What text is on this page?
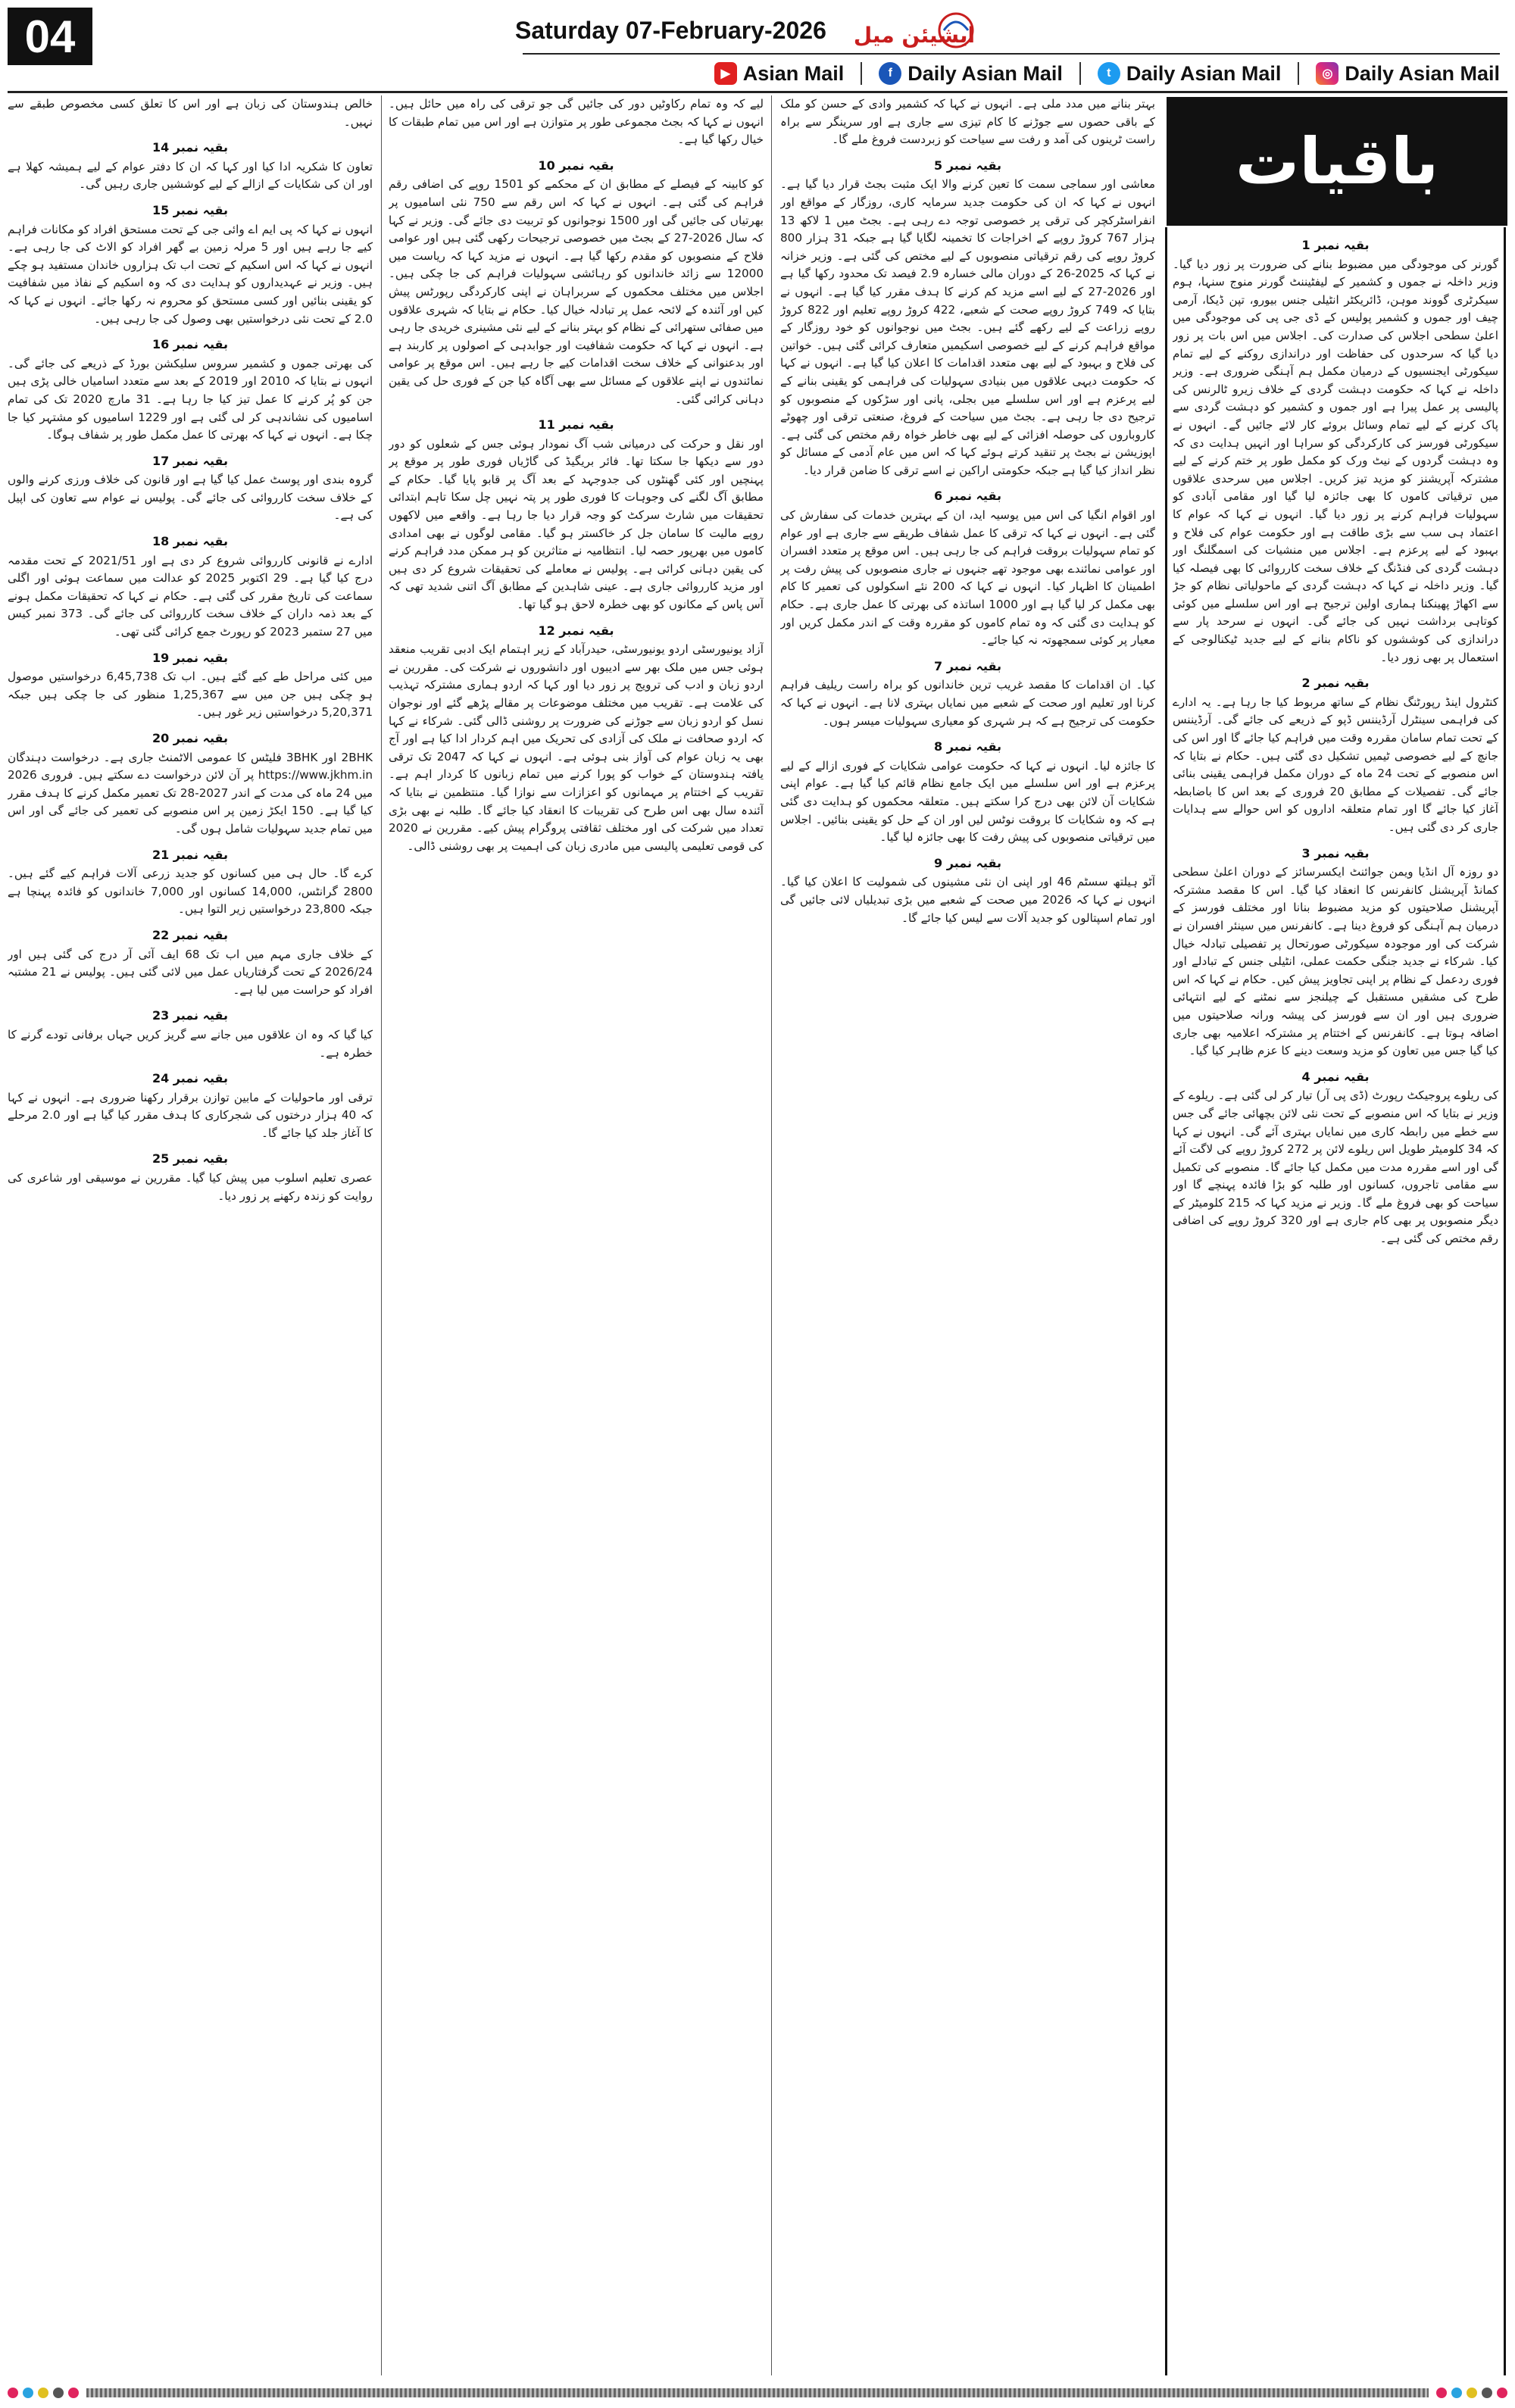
04	Saturday 07-February-2026	ایشیئن میل
▶ Asian Mail	f Daily Asian Mail	t Daily Asian Mail	◎ Daily Asian Mail
باقیات
بقیہ نمبر 1

گورنر کی موجودگی میں مضبوط بنانے کی ضرورت پر زور دیا گیا۔ وزیر داخلہ نے جموں و کشمیر کے لیفٹیننٹ گورنر منوج سنہا، ہوم سیکرٹری گووند موہن، ڈائریکٹر انٹیلی جنس بیورو، تپن ڈیکا، آرمی چیف اور جموں و کشمیر پولیس کے ڈی جی پی کی موجودگی میں اعلیٰ سطحی اجلاس کی صدارت کی۔ اجلاس میں اس بات پر زور دیا گیا کہ سرحدوں کی حفاظت اور دراندازی روکنے کے لیے تمام سیکورٹی ایجنسیوں کے درمیان مکمل ہم آہنگی ضروری ہے۔ وزیر داخلہ نے کہا کہ حکومت دہشت گردی کے خلاف زیرو ٹالرنس کی پالیسی پر عمل پیرا ہے اور جموں و کشمیر کو دہشت گردی سے پاک کرنے کے لیے تمام وسائل بروئے کار لائے جائیں گے۔ انہوں نے سیکورٹی فورسز کی کارکردگی کو سراہا اور انہیں ہدایت دی کہ وہ دہشت گردوں کے نیٹ ورک کو مکمل طور پر ختم کرنے کے لیے مشترکہ آپریشنز کو مزید تیز کریں۔ اجلاس میں سرحدی علاقوں میں ترقیاتی کاموں کا بھی جائزہ لیا گیا اور مقامی آبادی کو سہولیات فراہم کرنے پر زور دیا گیا۔ انہوں نے کہا کہ عوام کا اعتماد ہی سب سے بڑی طاقت ہے اور حکومت عوام کی فلاح و بہبود کے لیے پرعزم ہے۔ اجلاس میں منشیات کی اسمگلنگ اور دہشت گردی کی فنڈنگ کے خلاف سخت کارروائی کا بھی فیصلہ کیا گیا۔ وزیر داخلہ نے کہا کہ دہشت گردی کے ماحولیاتی نظام کو جڑ سے اکھاڑ پھینکنا ہماری اولین ترجیح ہے اور اس سلسلے میں کوئی کوتاہی برداشت نہیں کی جائے گی۔ انہوں نے سرحد پار سے دراندازی کی کوششوں کو ناکام بنانے کے لیے جدید ٹیکنالوجی کے استعمال پر بھی زور دیا۔

بقیہ نمبر 2

کنٹرول اینڈ رپورٹنگ نظام کے ساتھ مربوط کیا جا رہا ہے۔ یہ ادارے کی فراہمی سینٹرل آرڈیننس ڈپو کے ذریعے کی جائے گی۔ آرڈیننس کے تحت تمام سامان مقررہ وقت میں فراہم کیا جائے گا اور اس کی جانچ کے لیے خصوصی ٹیمیں تشکیل دی گئی ہیں۔ حکام نے بتایا کہ اس منصوبے کے تحت 24 ماہ کے دوران مکمل فراہمی یقینی بنائی جائے گی۔ تفصیلات کے مطابق 20 فروری کے بعد اس کا باضابطہ آغاز کیا جائے گا اور تمام متعلقہ اداروں کو اس حوالے سے ہدایات جاری کر دی گئی ہیں۔

بقیہ نمبر 3

دو روزہ آل انڈیا ویمن جوائنٹ ایکسرسائز کے دوران اعلیٰ سطحی کمانڈ آپریشنل کانفرنس کا انعقاد کیا گیا۔ اس کا مقصد مشترکہ آپریشنل صلاحیتوں کو مزید مضبوط بنانا اور مختلف فورسز کے درمیان ہم آہنگی کو فروغ دینا ہے۔ کانفرنس میں سینئر افسران نے شرکت کی اور موجودہ سیکورٹی صورتحال پر تفصیلی تبادلہ خیال کیا۔ شرکاء نے جدید جنگی حکمت عملی، انٹیلی جنس کے تبادلے اور فوری ردعمل کے نظام پر اپنی تجاویز پیش کیں۔ حکام نے کہا کہ اس طرح کی مشقیں مستقبل کے چیلنجز سے نمٹنے کے لیے انتہائی ضروری ہیں اور ان سے فورسز کی پیشہ ورانہ صلاحیتوں میں اضافہ ہوتا ہے۔ کانفرنس کے اختتام پر مشترکہ اعلامیہ بھی جاری کیا گیا جس میں تعاون کو مزید وسعت دینے کا عزم ظاہر کیا گیا۔

بقیہ نمبر 4

کی ریلوے پروجیکٹ رپورٹ (ڈی پی آر) تیار کر لی گئی ہے۔ ریلوے کے وزیر نے بتایا کہ اس منصوبے کے تحت نئی لائن بچھائی جائے گی جس سے خطے میں رابطہ کاری میں نمایاں بہتری آئے گی۔ انہوں نے کہا کہ 34 کلومیٹر طویل اس ریلوے لائن پر 272 کروڑ روپے کی لاگت آئے گی اور اسے مقررہ مدت میں مکمل کیا جائے گا۔ منصوبے کی تکمیل سے مقامی تاجروں، کسانوں اور طلبہ کو بڑا فائدہ پہنچے گا اور سیاحت کو بھی فروغ ملے گا۔ وزیر نے مزید کہا کہ 215 کلومیٹر کے دیگر منصوبوں پر بھی کام جاری ہے اور 320 کروڑ روپے کی اضافی رقم مختص کی گئی ہے۔

بہتر بنانے میں مدد ملی ہے۔ انہوں نے کہا کہ کشمیر وادی کے حسن کو ملک کے باقی حصوں سے جوڑنے کا کام تیزی سے جاری ہے اور سرینگر سے براہ راست ٹرینوں کی آمد و رفت سے سیاحت کو زبردست فروغ ملے گا۔

بقیہ نمبر 5

معاشی اور سماجی سمت کا تعین کرنے والا ایک مثبت بجٹ قرار دیا گیا ہے۔ انہوں نے کہا کہ ان کی حکومت جدید سرمایہ کاری، روزگار کے مواقع اور انفراسٹرکچر کی ترقی پر خصوصی توجہ دے رہی ہے۔ بجٹ میں 1 لاکھ 13 ہزار 767 کروڑ روپے کے اخراجات کا تخمینہ لگایا گیا ہے جبکہ 31 ہزار 800 کروڑ روپے کی رقم ترقیاتی منصوبوں کے لیے مختص کی گئی ہے۔ وزیر خزانہ نے کہا کہ 2025-26 کے دوران مالی خسارہ 2.9 فیصد تک محدود رکھا گیا ہے اور 2026-27 کے لیے اسے مزید کم کرنے کا ہدف مقرر کیا گیا ہے۔ انہوں نے بتایا کہ 749 کروڑ روپے صحت کے شعبے، 422 کروڑ روپے تعلیم اور 822 کروڑ روپے زراعت کے لیے رکھے گئے ہیں۔ بجٹ میں نوجوانوں کو خود روزگار کے مواقع فراہم کرنے کے لیے خصوصی اسکیمیں متعارف کرائی گئی ہیں۔ خواتین کی فلاح و بہبود کے لیے بھی متعدد اقدامات کا اعلان کیا گیا ہے۔ انہوں نے کہا کہ حکومت دیہی علاقوں میں بنیادی سہولیات کی فراہمی کو یقینی بنانے کے لیے پرعزم ہے اور اس سلسلے میں بجلی، پانی اور سڑکوں کے منصوبوں کو ترجیح دی جا رہی ہے۔ بجٹ میں سیاحت کے فروغ، صنعتی ترقی اور چھوٹے کاروباروں کی حوصلہ افزائی کے لیے بھی خاطر خواہ رقم مختص کی گئی ہے۔ اپوزیشن نے بجٹ پر تنقید کرتے ہوئے کہا کہ اس میں عام آدمی کے مسائل کو نظر انداز کیا گیا ہے جبکہ حکومتی اراکین نے اسے ترقی کا ضامن قرار دیا۔

بقیہ نمبر 6

اور اقوام انگیا کی اس میں یوسیہ اید، ان کے بہترین خدمات کی سفارش کی گئی ہے۔ انہوں نے کہا کہ ترقی کا عمل شفاف طریقے سے جاری ہے اور عوام کو تمام سہولیات بروقت فراہم کی جا رہی ہیں۔ اس موقع پر متعدد افسران اور عوامی نمائندے بھی موجود تھے جنہوں نے جاری منصوبوں کی پیش رفت پر اطمینان کا اظہار کیا۔ انہوں نے کہا کہ 200 نئے اسکولوں کی تعمیر کا کام بھی مکمل کر لیا گیا ہے اور 1000 اساتذہ کی بھرتی کا عمل جاری ہے۔ حکام کو ہدایت دی گئی کہ وہ تمام کاموں کو مقررہ وقت کے اندر مکمل کریں اور معیار پر کوئی سمجھوتہ نہ کیا جائے۔

بقیہ نمبر 7

کیا۔ ان اقدامات کا مقصد غریب ترین خاندانوں کو براہ راست ریلیف فراہم کرنا اور تعلیم اور صحت کے شعبے میں نمایاں بہتری لانا ہے۔ انہوں نے کہا کہ حکومت کی ترجیح ہے کہ ہر شہری کو معیاری سہولیات میسر ہوں۔

بقیہ نمبر 8

کا جائزہ لیا۔ انہوں نے کہا کہ حکومت عوامی شکایات کے فوری ازالے کے لیے پرعزم ہے اور اس سلسلے میں ایک جامع نظام قائم کیا گیا ہے۔ عوام اپنی شکایات آن لائن بھی درج کرا سکتے ہیں۔ متعلقہ محکموں کو ہدایت دی گئی ہے کہ وہ شکایات کا بروقت نوٹس لیں اور ان کے حل کو یقینی بنائیں۔ اجلاس میں ترقیاتی منصوبوں کی پیش رفت کا بھی جائزہ لیا گیا۔

بقیہ نمبر 9

آٹو ہیلتھ سسٹم 46 اور اپنی ان نئی مشینوں کی شمولیت کا اعلان کیا گیا۔ انہوں نے کہا کہ 2026 میں صحت کے شعبے میں بڑی تبدیلیاں لائی جائیں گی اور تمام اسپتالوں کو جدید آلات سے لیس کیا جائے گا۔

لیے کہ وہ تمام رکاوٹیں دور کی جائیں گی جو ترقی کی راہ میں حائل ہیں۔ انہوں نے کہا کہ بجٹ مجموعی طور پر متوازن ہے اور اس میں تمام طبقات کا خیال رکھا گیا ہے۔

بقیہ نمبر 10

کو کابینہ کے فیصلے کے مطابق ان کے محکمے کو 1501 روپے کی اضافی رقم فراہم کی گئی ہے۔ انہوں نے کہا کہ اس رقم سے 750 نئی اسامیوں پر بھرتیاں کی جائیں گی اور 1500 نوجوانوں کو تربیت دی جائے گی۔ وزیر نے کہا کہ سال 2026-27 کے بجٹ میں خصوصی ترجیحات رکھی گئی ہیں اور عوامی فلاح کے منصوبوں کو مقدم رکھا گیا ہے۔ انہوں نے مزید کہا کہ ریاست میں 12000 سے زائد خاندانوں کو رہائشی سہولیات فراہم کی جا چکی ہیں۔ اجلاس میں مختلف محکموں کے سربراہان نے اپنی کارکردگی رپورٹس پیش کیں اور آئندہ کے لائحہ عمل پر تبادلہ خیال کیا۔ حکام نے بتایا کہ شہری علاقوں میں صفائی ستھرائی کے نظام کو بہتر بنانے کے لیے نئی مشینری خریدی جا رہی ہے۔ انہوں نے کہا کہ حکومت شفافیت اور جوابدہی کے اصولوں پر کاربند ہے اور بدعنوانی کے خلاف سخت اقدامات کیے جا رہے ہیں۔ اس موقع پر عوامی نمائندوں نے اپنے علاقوں کے مسائل سے بھی آگاہ کیا جن کے فوری حل کی یقین دہانی کرائی گئی۔

بقیہ نمبر 11

اور نقل و حرکت کی درمیانی شب آگ نمودار ہوئی جس کے شعلوں کو دور دور سے دیکھا جا سکتا تھا۔ فائر بریگیڈ کی گاڑیاں فوری طور پر موقع پر پہنچیں اور کئی گھنٹوں کی جدوجہد کے بعد آگ پر قابو پایا گیا۔ حکام کے مطابق آگ لگنے کی وجوہات کا فوری طور پر پتہ نہیں چل سکا تاہم ابتدائی تحقیقات میں شارٹ سرکٹ کو وجہ قرار دیا جا رہا ہے۔ واقعے میں لاکھوں روپے مالیت کا سامان جل کر خاکستر ہو گیا۔ مقامی لوگوں نے بھی امدادی کاموں میں بھرپور حصہ لیا۔ انتظامیہ نے متاثرین کو ہر ممکن مدد فراہم کرنے کی یقین دہانی کرائی ہے۔ پولیس نے معاملے کی تحقیقات شروع کر دی ہیں اور مزید کارروائی جاری ہے۔ عینی شاہدین کے مطابق آگ اتنی شدید تھی کہ آس پاس کے مکانوں کو بھی خطرہ لاحق ہو گیا تھا۔

بقیہ نمبر 12

آزاد یونیورسٹی اردو یونیورسٹی، حیدرآباد کے زیر اہتمام ایک ادبی تقریب منعقد ہوئی جس میں ملک بھر سے ادیبوں اور دانشوروں نے شرکت کی۔ مقررین نے اردو زبان و ادب کی ترویج پر زور دیا اور کہا کہ اردو ہماری مشترکہ تہذیب کی علامت ہے۔ تقریب میں مختلف موضوعات پر مقالے پڑھے گئے اور نوجوان نسل کو اردو زبان سے جوڑنے کی ضرورت پر روشنی ڈالی گئی۔ شرکاء نے کہا کہ اردو صحافت نے ملک کی آزادی کی تحریک میں اہم کردار ادا کیا ہے اور آج بھی یہ زبان عوام کی آواز بنی ہوئی ہے۔ انہوں نے کہا کہ 2047 تک ترقی یافتہ ہندوستان کے خواب کو پورا کرنے میں تمام زبانوں کا کردار اہم ہے۔ تقریب کے اختتام پر مہمانوں کو اعزازات سے نوازا گیا۔ منتظمین نے بتایا کہ آئندہ سال بھی اس طرح کی تقریبات کا انعقاد کیا جائے گا۔ طلبہ نے بھی بڑی تعداد میں شرکت کی اور مختلف ثقافتی پروگرام پیش کیے۔ مقررین نے 2020 کی قومی تعلیمی پالیسی میں مادری زبان کی اہمیت پر بھی روشنی ڈالی۔

خالص ہندوستان کی زبان ہے اور اس کا تعلق کسی مخصوص طبقے سے نہیں۔

بقیہ نمبر 14

تعاون کا شکریہ ادا کیا اور کہا کہ ان کا دفتر عوام کے لیے ہمیشہ کھلا ہے اور ان کی شکایات کے ازالے کے لیے کوششیں جاری رہیں گی۔

بقیہ نمبر 15

انہوں نے کہا کہ پی ایم اے وائی جی کے تحت مستحق افراد کو مکانات فراہم کیے جا رہے ہیں اور 5 مرلہ زمین بے گھر افراد کو الاٹ کی جا رہی ہے۔ انہوں نے کہا کہ اس اسکیم کے تحت اب تک ہزاروں خاندان مستفید ہو چکے ہیں۔ وزیر نے عہدیداروں کو ہدایت دی کہ وہ اسکیم کے نفاذ میں شفافیت کو یقینی بنائیں اور کسی مستحق کو محروم نہ رکھا جائے۔ انہوں نے کہا کہ 2.0 کے تحت نئی درخواستیں بھی وصول کی جا رہی ہیں۔

بقیہ نمبر 16

کی بھرتی جموں و کشمیر سروس سلیکشن بورڈ کے ذریعے کی جائے گی۔ انہوں نے بتایا کہ 2010 اور 2019 کے بعد سے متعدد اسامیاں خالی پڑی ہیں جن کو پُر کرنے کا عمل تیز کیا جا رہا ہے۔ 31 مارچ 2020 تک کی تمام اسامیوں کی نشاندہی کر لی گئی ہے اور 1229 اسامیوں کو مشتہر کیا جا چکا ہے۔ انہوں نے کہا کہ بھرتی کا عمل مکمل طور پر شفاف ہوگا۔

بقیہ نمبر 17

گروہ بندی اور پوسٹ عمل کیا گیا ہے اور قانون کی خلاف ورزی کرنے والوں کے خلاف سخت کارروائی کی جائے گی۔ پولیس نے عوام سے تعاون کی اپیل کی ہے۔

بقیہ نمبر 18

ادارے نے قانونی کارروائی شروع کر دی ہے اور 2021/51 کے تحت مقدمہ درج کیا گیا ہے۔ 29 اکتوبر 2025 کو عدالت میں سماعت ہوئی اور اگلی سماعت کی تاریخ مقرر کی گئی ہے۔ حکام نے کہا کہ تحقیقات مکمل ہونے کے بعد ذمہ داران کے خلاف سخت کارروائی کی جائے گی۔ 373 نمبر کیس میں 27 ستمبر 2023 کو رپورٹ جمع کرائی گئی تھی۔

بقیہ نمبر 19

میں کئی مراحل طے کیے گئے ہیں۔ اب تک 6,45,738 درخواستیں موصول ہو چکی ہیں جن میں سے 1,25,367 منظور کی جا چکی ہیں جبکہ 5,20,371 درخواستیں زیر غور ہیں۔

بقیہ نمبر 20

2BHK اور 3BHK فلیٹس کا عمومی الاٹمنٹ جاری ہے۔ درخواست دہندگان https://www.jkhm.in پر آن لائن درخواست دے سکتے ہیں۔ فروری 2026 میں 24 ماہ کی مدت کے اندر 2027-28 تک تعمیر مکمل کرنے کا ہدف مقرر کیا گیا ہے۔ 150 ایکڑ زمین پر اس منصوبے کی تعمیر کی جائے گی اور اس میں تمام جدید سہولیات شامل ہوں گی۔

بقیہ نمبر 21

کرے گا۔ حال ہی میں کسانوں کو جدید زرعی آلات فراہم کیے گئے ہیں۔ 2800 گرانٹس، 14,000 کسانوں اور 7,000 خاندانوں کو فائدہ پہنچا ہے جبکہ 23,800 درخواستیں زیر التوا ہیں۔

بقیہ نمبر 22

کے خلاف جاری مہم میں اب تک 68 ایف آئی آر درج کی گئی ہیں اور 2026/24 کے تحت گرفتاریاں عمل میں لائی گئی ہیں۔ پولیس نے 21 مشتبہ افراد کو حراست میں لیا ہے۔

بقیہ نمبر 23

کیا گیا کہ وہ ان علاقوں میں جانے سے گریز کریں جہاں برفانی تودے گرنے کا خطرہ ہے۔

بقیہ نمبر 24

ترقی اور ماحولیات کے مابین توازن برقرار رکھنا ضروری ہے۔ انہوں نے کہا کہ 40 ہزار درختوں کی شجرکاری کا ہدف مقرر کیا گیا ہے اور 2.0 مرحلے کا آغاز جلد کیا جائے گا۔

بقیہ نمبر 25

عصری تعلیم اسلوب میں پیش کیا گیا۔ مقررین نے موسیقی اور شاعری کی روایت کو زندہ رکھنے پر زور دیا۔
